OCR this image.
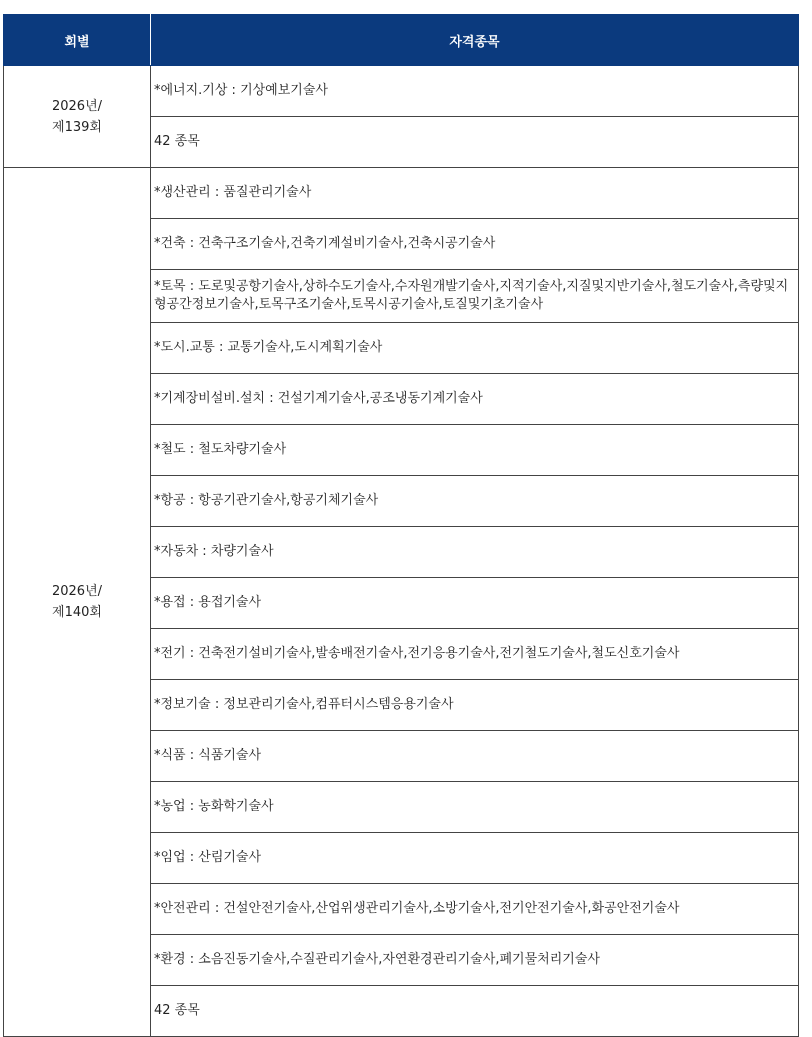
회별	자격종목
2026년/
제139회	*에너지.기상 : 기상예보기술사
	42 종목
2026년/
제140회	*생산관리 : 품질관리기술사
	*건축 : 건축구조기술사,건축기계설비기술사,건축시공기술사
	*토목 : 도로및공항기술사,상하수도기술사,수자원개발기술사,지적기술사,지질및지반기술사,철도기술사,측량및지형공간정보기술사,토목구조기술사,토목시공기술사,토질및기초기술사
	*도시.교통 : 교통기술사,도시계획기술사
	*기계장비설비.설치 : 건설기계기술사,공조냉동기계기술사
	*철도 : 철도차량기술사
	*항공 : 항공기관기술사,항공기체기술사
	*자동차 : 차량기술사
	*용접 : 용접기술사
	*전기 : 건축전기설비기술사,발송배전기술사,전기응용기술사,전기철도기술사,철도신호기술사
	*정보기술 : 정보관리기술사,컴퓨터시스템응용기술사
	*식품 : 식품기술사
	*농업 : 농화학기술사
	*임업 : 산림기술사
	*안전관리 : 건설안전기술사,산업위생관리기술사,소방기술사,전기안전기술사,화공안전기술사
	*환경 : 소음진동기술사,수질관리기술사,자연환경관리기술사,폐기물처리기술사
	42 종목
